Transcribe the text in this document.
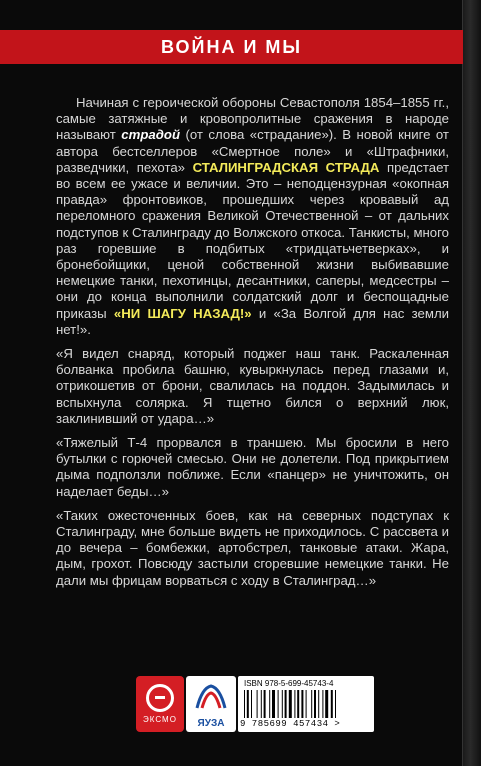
ВОЙНА И МЫ

Начиная с героической обороны Севастополя 1854–1855 гг., самые затяжные и кровопролитные сражения в народе называют страдой (от слова «страдание»). В новой книге от автора бестселлеров «Смертное поле» и «Штрафники, разведчики, пехота» СТАЛИНГРАДСКАЯ СТРАДА предстает во всем ее ужасе и величии. Это – неподцензурная «окопная правда» фронтовиков, прошедших через кровавый ад переломного сражения Великой Отечественной – от дальних подступов к Сталинграду до Волжского откоса. Танкисты, много раз горевшие в подбитых «тридцатьчетверках», и бронебойщики, ценой собственной жизни выбивавшие немецкие танки, пехотинцы, десантники, саперы, медсестры – они до конца выполнили солдатский долг и беспощадные приказы «НИ ШАГУ НАЗАД!» и «За Волгой для нас земли нет!».

«Я видел снаряд, который поджег наш танк. Раскаленная болванка пробила башню, кувыркнулась перед глазами и, отрикошетив от брони, свалилась на поддон. Задымилась и вспыхнула солярка. Я тщетно бился о верхний люк, заклинивший от удара…»

«Тяжелый Т-4 прорвался в траншею. Мы бросили в него бутылки с горючей смесью. Они не долетели. Под прикрытием дыма подползли поближе. Если «панцер» не уничтожить, он наделает беды…»

«Таких ожесточенных боев, как на северных подступах к Сталинграду, мне больше видеть не приходилось. С рассвета и до вечера – бомбежки, артобстрел, танковые атаки. Жара, дым, грохот. Повсюду застыли сгоревшие немецкие танки. Не дали мы фрицам ворваться с ходу в Сталинград…»

ЭКСМО ЯУЗА
ISBN 978-5-699-45743-4
9 785699 457434 >
